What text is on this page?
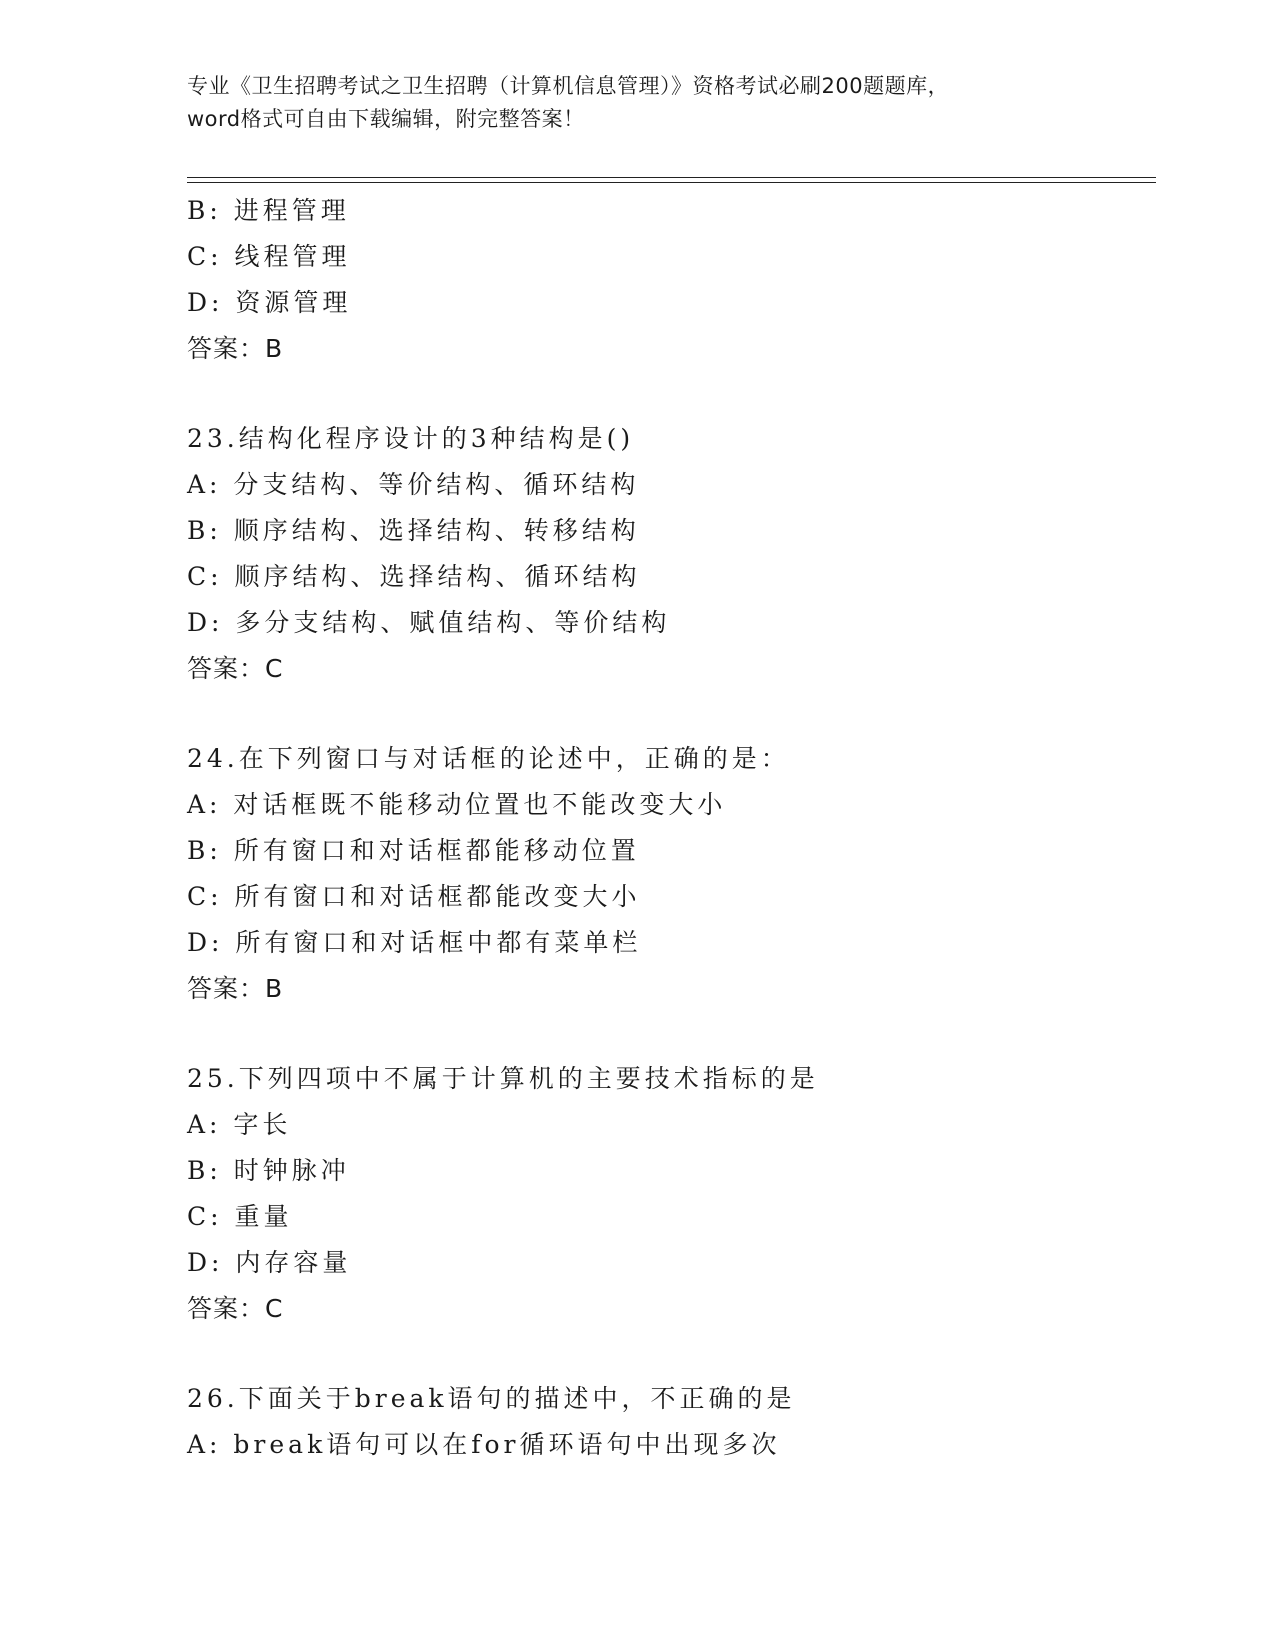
专业《卫生招聘考试之卫生招聘（计算机信息管理）》资格考试必刷200题题库，
word格式可自由下载编辑，附完整答案！
B: 进程管理
C: 线程管理
D: 资源管理
答案：B
23.结构化程序设计的3种结构是()
A: 分支结构、等价结构、循环结构
B: 顺序结构、选择结构、转移结构
C: 顺序结构、选择结构、循环结构
D: 多分支结构、赋值结构、等价结构
答案：C
24.在下列窗口与对话框的论述中，正确的是：
A: 对话框既不能移动位置也不能改变大小
B: 所有窗口和对话框都能移动位置
C: 所有窗口和对话框都能改变大小
D: 所有窗口和对话框中都有菜单栏
答案：B
25.下列四项中不属于计算机的主要技术指标的是
A: 字长
B: 时钟脉冲
C: 重量
D: 内存容量
答案：C
26.下面关于break语句的描述中，不正确的是
A: break语句可以在for循环语句中出现多次
